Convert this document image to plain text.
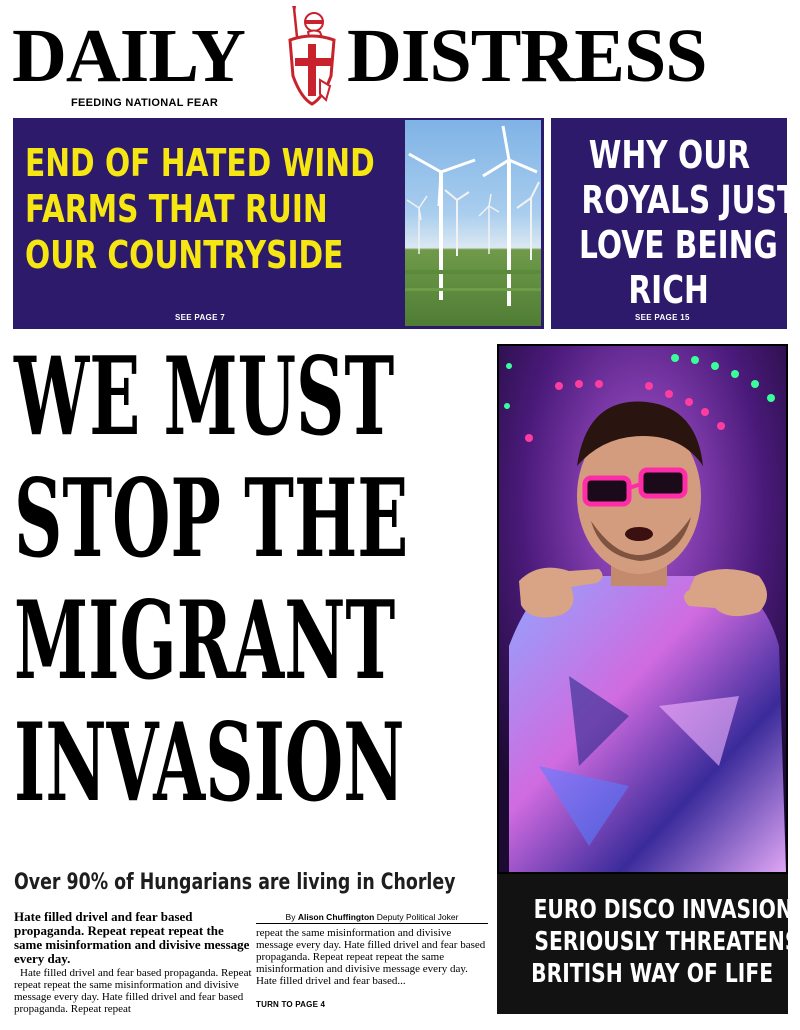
DAILY DISTRESS
FEEDING NATIONAL FEAR
END OF HATED WIND
FARMS THAT RUIN
OUR COUNTRYSIDE
SEE PAGE 7
WHY OUR
ROYALS JUST
LOVE BEING
RICH
SEE PAGE 15
WE MUST
STOP THE
MIGRANT
INVASION
EURO DISCO INVASION
SERIOUSLY THREATENS
BRITISH WAY OF LIFE
Over 90% of Hungarians are living in Chorley
Hate filled drivel and fear based propaganda. Repeat repeat repeat the same misinformation and divisive message every day.
Hate filled drivel and fear based propaganda. Repeat repeat repeat the same misinformation and divisive message every day. Hate filled drivel and fear based propaganda. Repeat repeat
By Alison Chuffington Deputy Political Joker
repeat the same misinformation and divisive message every day. Hate filled drivel and fear based propaganda. Repeat repeat repeat the same misinformation and divisive message every day. Hate filled drivel and fear based...
TURN TO PAGE 4
